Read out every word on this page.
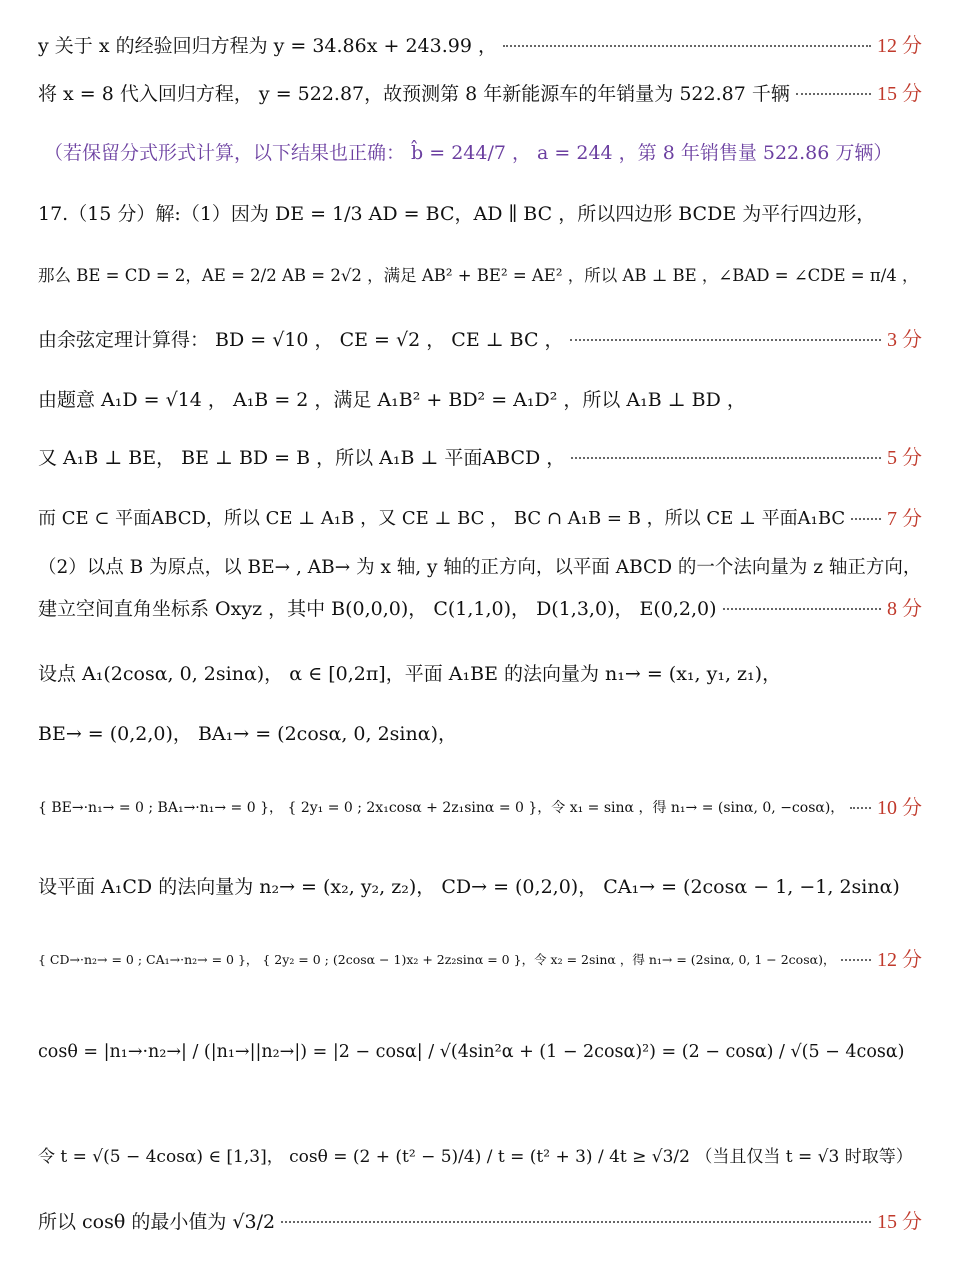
y 关于 x 的经验回归方程为 y = 34.86x + 243.99 ，	12 分
将 x = 8 代入回归方程， y = 522.87，故预测第 8 年新能源车的年销量为 522.87 千辆	15 分
（若保留分式形式计算，以下结果也正确： b̂ = 244/7 ， a = 244 ，第 8 年销售量 522.86 万辆）
17.（15 分）解:（1）因为 DE = 1/3 AD = BC，AD ∥ BC ，所以四边形 BCDE 为平行四边形，
那么 BE = CD = 2，AE = 2/2 AB = 2√2 ，满足 AB² + BE² = AE² ，所以 AB ⊥ BE ，∠BAD = ∠CDE = π/4 ，
由余弦定理计算得： BD = √10 ， CE = √2 ， CE ⊥ BC ，	3 分
由题意 A₁D = √14 ， A₁B = 2 ，满足 A₁B² + BD² = A₁D² ，所以 A₁B ⊥ BD ，
又 A₁B ⊥ BE， BE ⊥ BD = B ，所以 A₁B ⊥ 平面ABCD ，	5 分
而 CE ⊂ 平面ABCD，所以 CE ⊥ A₁B ，又 CE ⊥ BC ， BC ∩ A₁B = B ，所以 CE ⊥ 平面A₁BC 7 分
（2）以点 B 为原点，以 BE→ , AB→ 为 x 轴, y 轴的正方向，以平面 ABCD 的一个法向量为 z 轴正方向，
建立空间直角坐标系 Oxyz ，其中 B(0,0,0)， C(1,1,0)， D(1,3,0)， E(0,2,0)	8 分
设点 A₁(2cosα, 0, 2sinα)， α ∈ [0,2π]，平面 A₁BE 的法向量为 n₁→ = (x₁, y₁, z₁)，
BE→ = (0,2,0)， BA₁→ = (2cosα, 0, 2sinα)，
{ BE→·n₁→ = 0 ; BA₁→·n₁→ = 0 }， { 2y₁ = 0 ; 2x₁cosα + 2z₁sinα = 0 }，令 x₁ = sinα ，得 n₁→ = (sinα, 0, −cosα)， 10 分
设平面 A₁CD 的法向量为 n₂→ = (x₂, y₂, z₂)， CD→ = (0,2,0)， CA₁→ = (2cosα − 1, −1, 2sinα)
{ CD→·n₂→ = 0 ; CA₁→·n₂→ = 0 }， { 2y₂ = 0 ; (2cosα − 1)x₂ + 2z₂sinα = 0 }，令 x₂ = 2sinα ，得 n₁→ = (2sinα, 0, 1 − 2cosα)， 12 分
cosθ = |n₁→·n₂→| / (|n₁→||n₂→|) = |2 − cosα| / √(4sin²α + (1 − 2cosα)²) = (2 − cosα) / √(5 − 4cosα)
令 t = √(5 − 4cosα) ∈ [1,3]， cosθ = (2 + (t² − 5)/4) / t = (t² + 3) / 4t ≥ √3/2 （当且仅当 t = √3 时取等）
所以 cosθ 的最小值为 √3/2	15 分
